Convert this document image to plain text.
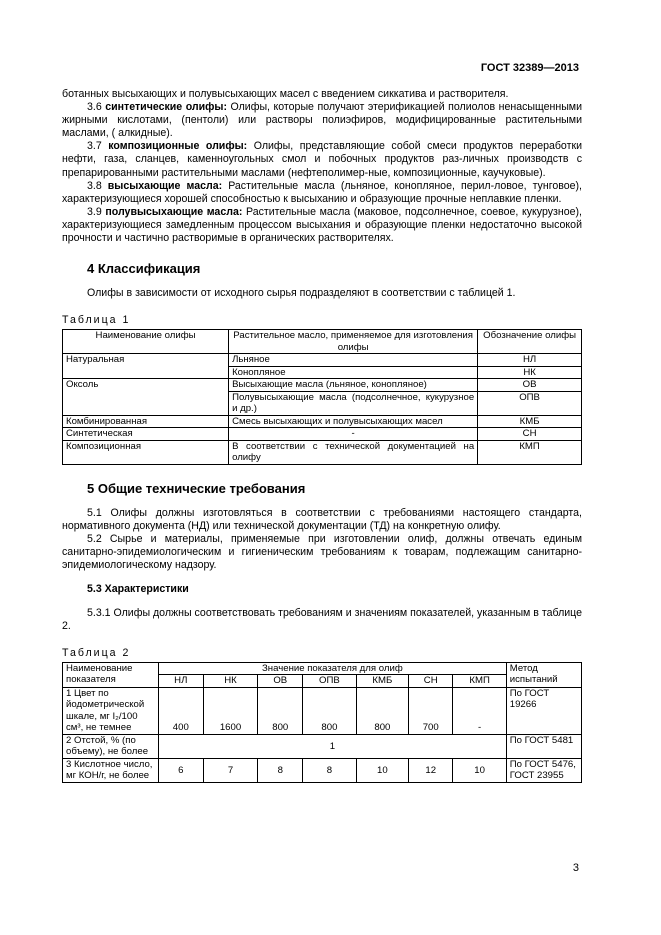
ГОСТ 32389—2013

ботанных высыхающих и полувысыхающих масел с введением сиккатива и растворителя.

3.6 синтетические олифы: Олифы, которые получают этерификацией полиолов ненасыщенными жирными кислотами, (пентоли) или растворы полиэфиров, модифицированные растительными маслами, ( алкидные).

3.7 композиционные олифы: Олифы, представляющие собой смеси продуктов переработки нефти, газа, сланцев, каменноугольных смол и побочных продуктов раз-личных производств с препарированными растительными маслами (нефтеполимер-ные, композиционные, каучуковые).

3.8 высыхающие масла: Растительные масла (льняное, конопляное, перил-ловое, тунговое), характеризующиеся хорошей способностью к высыханию и образующие прочные неплавкие пленки.

3.9 полувысыхающие масла: Растительные масла (маковое, подсолнечное, соевое, кукурузное), характеризующиеся замедленным процессом высыхания и образующие пленки недостаточно высокой прочности и частично растворимые в органических растворителях.

4 Классификация

Олифы в зависимости от исходного сырья подразделяют в соответствии с таблицей 1.

Таблица 1
Наименование олифы	Растительное масло, применяемое для изготовления олифы	Обозначение олифы
Натуральная	Льняное	НЛ
	Конопляное	НК
Оксоль	Высыхающие масла (льняное, конопляное)	ОВ
	Полувысыхающие масла (подсолнечное, кукурузное и др.)	ОПВ
Комбинированная	Смесь высыхающих и полувысыхающих масел	КМБ
Синтетическая	-	СН
Композиционная	В соответствии с технической документацией на олифу	КМП
5 Общие технические требования

5.1 Олифы должны изготовляться в соответствии с требованиями настоящего стандарта, нормативного документа (НД) или технической документации (ТД) на конкретную олифу.

5.2 Сырье и материалы, применяемые при изготовлении олиф, должны отвечать единым санитарно-эпидемиологическим и гигиеническим требованиям к товарам, подлежащим санитарно-эпидемиологическому надзору.

5.3 Характеристики

5.3.1 Олифы должны соответствовать требованиям и значениям показателей, указанным в таблице 2.

Таблица 2
Наименование показателя	Значение показателя для олиф							Метод испытаний
	НЛ	НК	ОВ	ОПВ	КМБ	СН	КМП	
1 Цвет по йодометрической шкале, мг I₂/100 см³, не темнее	400	1600	800	800	800	700	-	По ГОСТ 19266
2 Отстой, % (по объему), не более	1							По ГОСТ 5481
3 Кислотное число, мг КОН/г, не более	6	7	8	8	10	12	10	По ГОСТ 5476, ГОСТ 23955
3
